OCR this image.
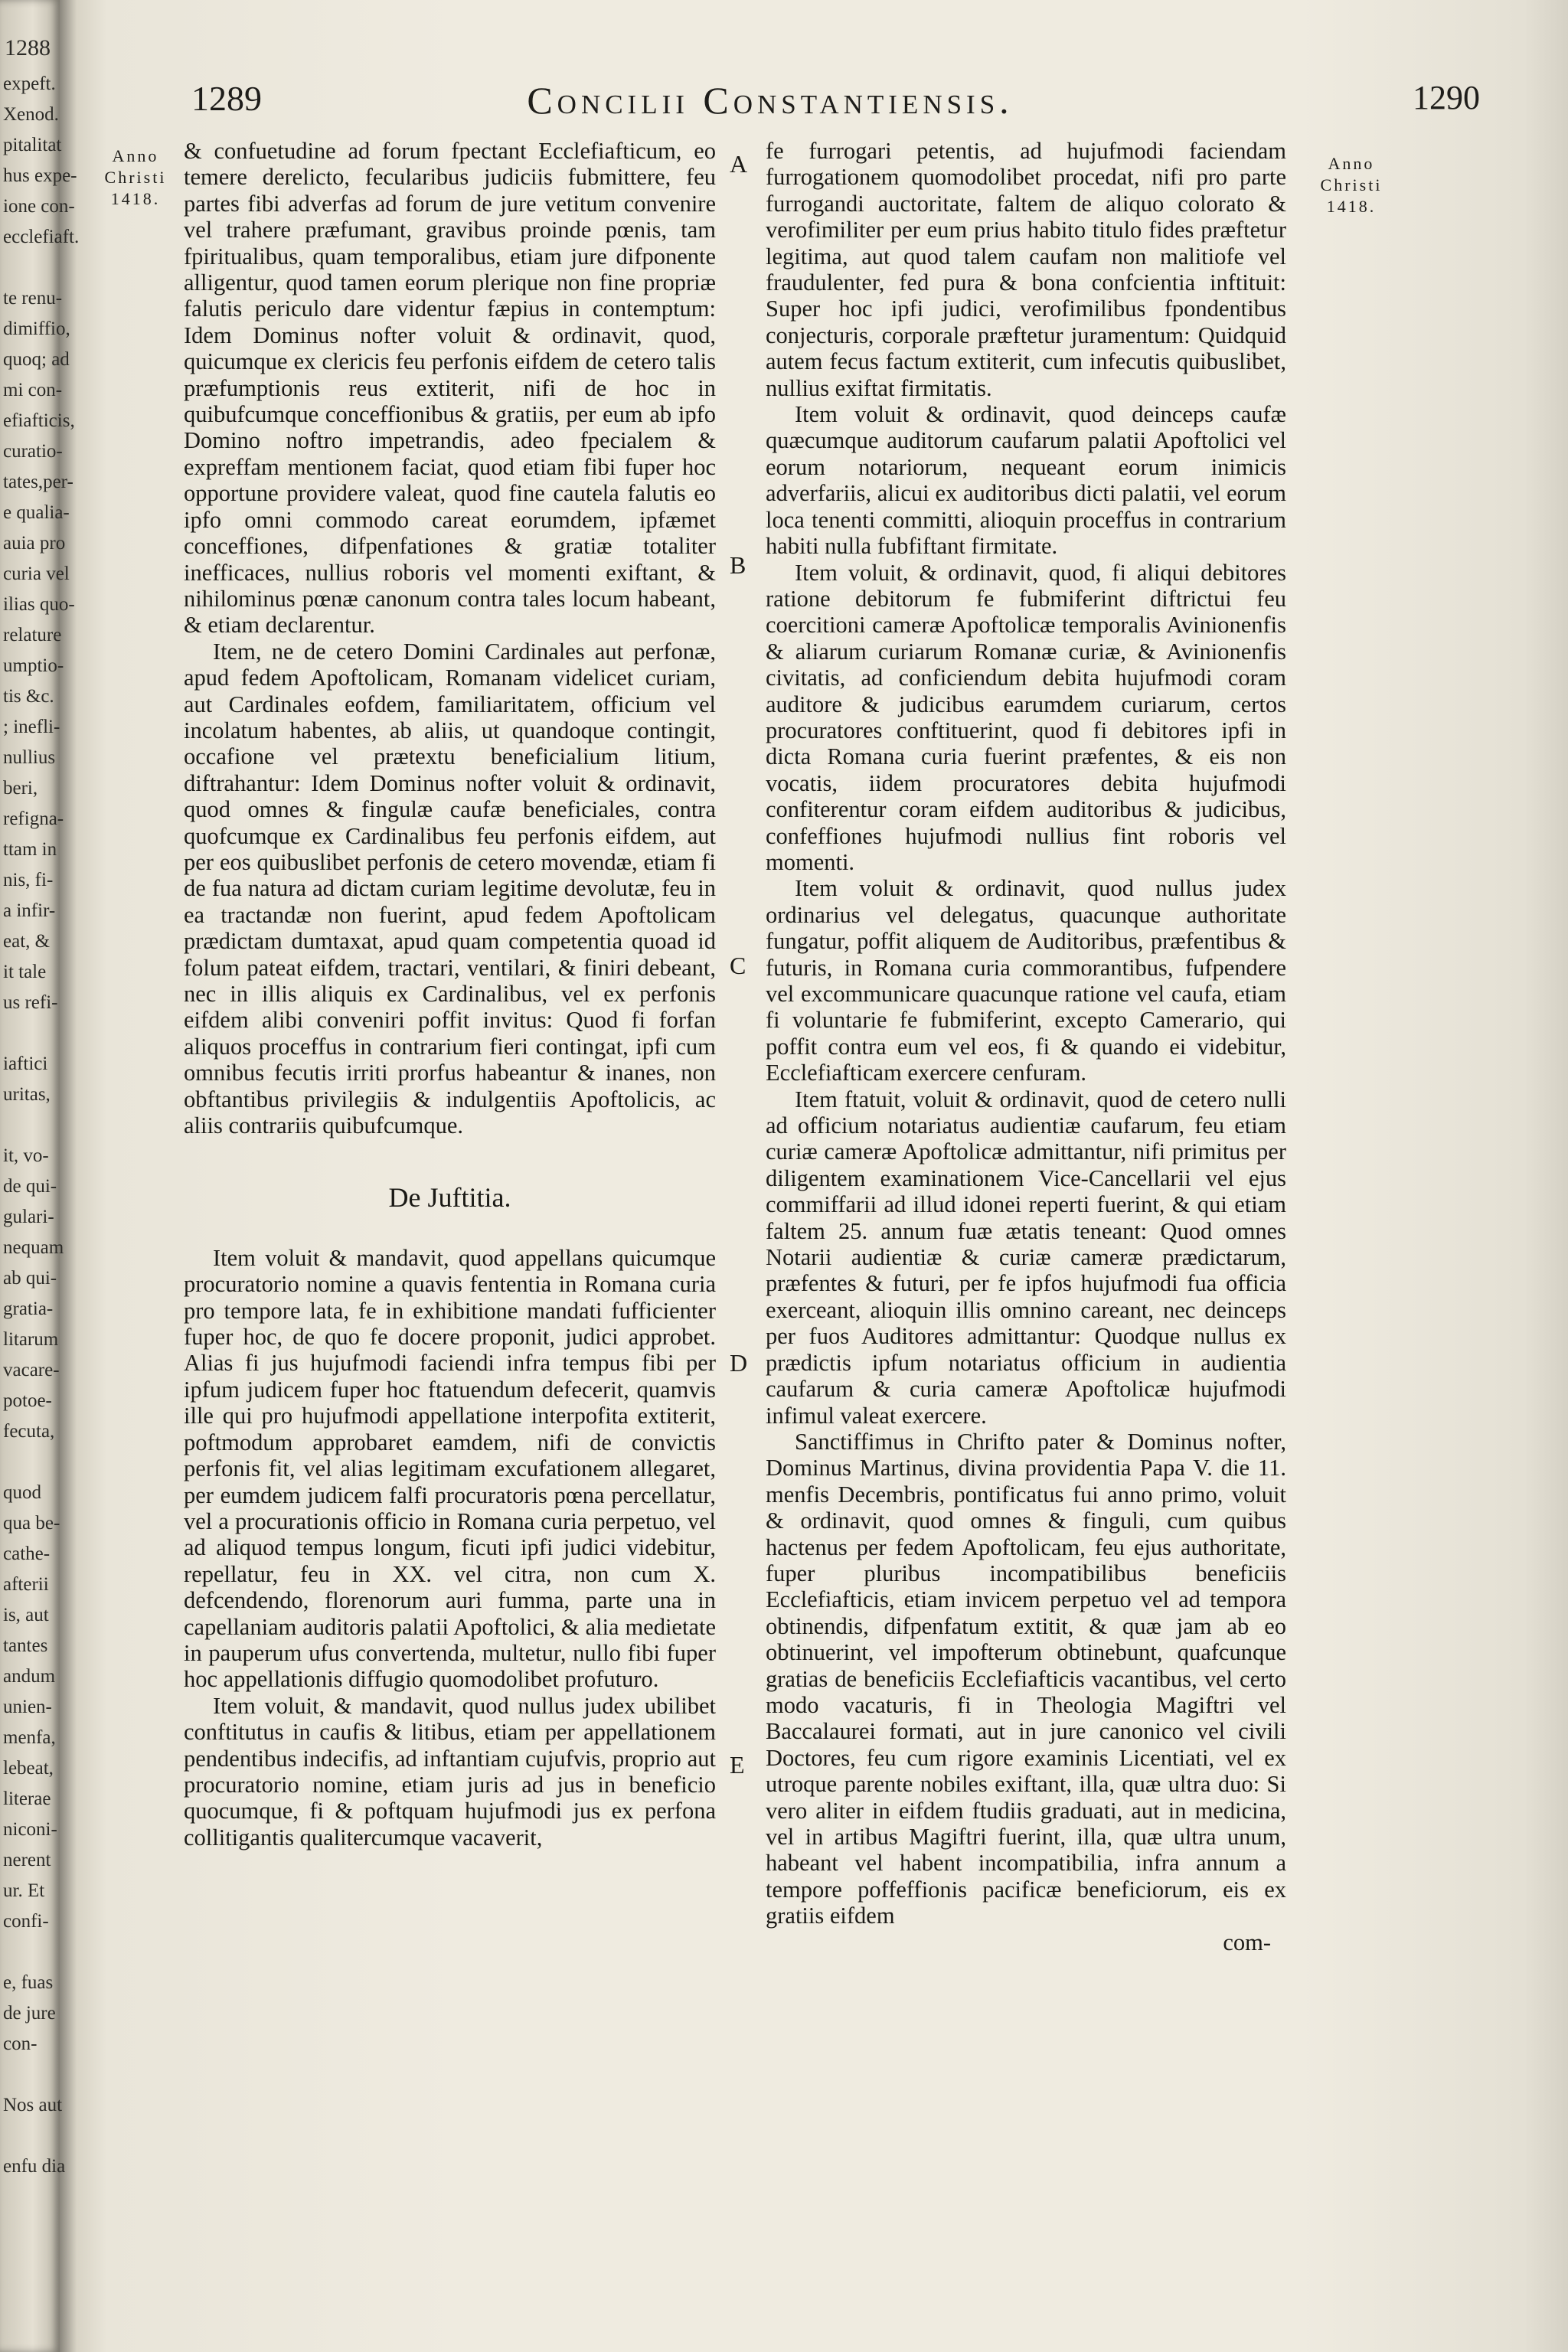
1288
expeft.
Xenod.
pitalitat
hus expe-
ione con-
ecclefiaft.

te renu-
dimiffio,
quoq; ad
mi con-
efiafticis,
curatio-
tates,per-
e qualia-
auia pro
curia vel
ilias quo-
relature
umptio-
tis &c.
; inefli-
nullius
beri,
refigna-
ttam in
nis, fi-
a infir-
eat, &
it tale
us refi-

iaftici
uritas,

it, vo-
de qui-
gulari-
nequam
ab qui-
gratia-
litarum
vacare-
potoe-
fecuta,

quod
qua be-
cathe-
afterii
is, aut
tantes
andum
unien-
menfa,
lebeat,
literae
niconi-
nerent
ur. Et
confi-

e, fuas
de jure
con-

Nos aut

enfu dia
1289	Concilii Constantiensis.	1290
Anno
Christi
1418.
Anno
Christi
1418.
A
B
C
D
E

& confuetudine ad forum fpectant Ecclefiafticum, eo temere derelicto, fecularibus judiciis fubmittere, feu partes fibi adverfas ad forum de jure vetitum convenire vel trahere præfumant, gravibus proinde pœnis, tam fpiritualibus, quam temporalibus, etiam jure difponente alligentur, quod tamen eorum plerique non fine propriæ falutis periculo dare videntur fæpius in contemptum: Idem Dominus nofter voluit & ordinavit, quod, quicumque ex clericis feu perfonis eifdem de cetero talis præfumptionis reus extiterit, nifi de hoc in quibufcumque conceffionibus & gratiis, per eum ab ipfo Domino noftro impetrandis, adeo fpecialem & expreffam mentionem faciat, quod etiam fibi fuper hoc opportune providere valeat, quod fine cautela falutis eo ipfo omni commodo careat eorumdem, ipfæmet conceffiones, difpenfationes & gratiæ totaliter inefficaces, nullius roboris vel momenti exiftant, & nihilominus pœnæ canonum contra tales locum habeant, & etiam declarentur.

Item, ne de cetero Domini Cardinales aut perfonæ, apud fedem Apoftolicam, Romanam videlicet curiam, aut Cardinales eofdem, familiaritatem, officium vel incolatum habentes, ab aliis, ut quandoque contingit, occafione vel prætextu beneficialium litium, diftrahantur: Idem Dominus nofter voluit & ordinavit, quod omnes & fingulæ caufæ beneficiales, contra quofcumque ex Cardinalibus feu perfonis eifdem, aut per eos quibuslibet perfonis de cetero movendæ, etiam fi de fua natura ad dictam curiam legitime devolutæ, feu in ea tractandæ non fuerint, apud fedem Apoftolicam prædictam dumtaxat, apud quam competentia quoad id folum pateat eifdem, tractari, ventilari, & finiri debeant, nec in illis aliquis ex Cardinalibus, vel ex perfonis eifdem alibi conveniri poffit invitus: Quod fi forfan aliquos proceffus in contrarium fieri contingat, ipfi cum omnibus fecutis irriti prorfus habeantur & inanes, non obftantibus privilegiis & indulgentiis Apoftolicis, ac aliis contrariis quibufcumque.

De Juftitia.

Item voluit & mandavit, quod appellans quicumque procuratorio nomine a quavis fententia in Romana curia pro tempore lata, fe in exhibitione mandati fufficienter fuper hoc, de quo fe docere proponit, judici approbet. Alias fi jus hujufmodi faciendi infra tempus fibi per ipfum judicem fuper hoc ftatuendum defecerit, quamvis ille qui pro hujufmodi appellatione interpofita extiterit, poftmodum approbaret eamdem, nifi de convictis perfonis fit, vel alias legitimam excufationem allegaret, per eumdem judicem falfi procuratoris pœna percellatur, vel a procurationis officio in Romana curia perpetuo, vel ad aliquod tempus longum, ficuti ipfi judici videbitur, repellatur, feu in XX. vel citra, non cum X. defcendendo, florenorum auri fumma, parte una in capellaniam auditoris palatii Apoftolici, & alia medietate in pauperum ufus convertenda, multetur, nullo fibi fuper hoc appellationis diffugio quomodolibet profuturo.

Item voluit, & mandavit, quod nullus judex ubilibet conftitutus in caufis & litibus, etiam per appellationem pendentibus indecifis, ad inftantiam cujufvis, proprio aut procuratorio nomine, etiam juris ad jus in beneficio quocumque, fi & poftquam hujufmodi jus ex perfona collitigantis qualitercumque vacaverit,

fe furrogari petentis, ad hujufmodi faciendam furrogationem quomodolibet procedat, nifi pro parte furrogandi auctoritate, faltem de aliquo colorato & verofimiliter per eum prius habito titulo fides præftetur legitima, aut quod talem caufam non malitiofe vel fraudulenter, fed pura & bona confcientia inftituit: Super hoc ipfi judici, verofimilibus fpondentibus conjecturis, corporale præftetur juramentum: Quidquid autem fecus factum extiterit, cum infecutis quibuslibet, nullius exiftat firmitatis.

Item voluit & ordinavit, quod deinceps caufæ quæcumque auditorum caufarum palatii Apoftolici vel eorum notariorum, nequeant eorum inimicis adverfariis, alicui ex auditoribus dicti palatii, vel eorum loca tenenti committi, alioquin proceffus in contrarium habiti nulla fubfiftant firmitate.

Item voluit, & ordinavit, quod, fi aliqui debitores ratione debitorum fe fubmiferint diftrictui feu coercitioni cameræ Apoftolicæ temporalis Avinionenfis & aliarum curiarum Romanæ curiæ, & Avinionenfis civitatis, ad conficiendum debita hujufmodi coram auditore & judicibus earumdem curiarum, certos procuratores conftituerint, quod fi debitores ipfi in dicta Romana curia fuerint præfentes, & eis non vocatis, iidem procuratores debita hujufmodi confiterentur coram eifdem auditoribus & judicibus, confeffiones hujufmodi nullius fint roboris vel momenti.

Item voluit & ordinavit, quod nullus judex ordinarius vel delegatus, quacunque authoritate fungatur, poffit aliquem de Auditoribus, præfentibus & futuris, in Romana curia commorantibus, fufpendere vel excommunicare quacunque ratione vel caufa, etiam fi voluntarie fe fubmiferint, excepto Camerario, qui poffit contra eum vel eos, fi & quando ei videbitur, Ecclefiafticam exercere cenfuram.

Item ftatuit, voluit & ordinavit, quod de cetero nulli ad officium notariatus audientiæ caufarum, feu etiam curiæ cameræ Apoftolicæ admittantur, nifi primitus per diligentem examinationem Vice-Cancellarii vel ejus commiffarii ad illud idonei reperti fuerint, & qui etiam faltem 25. annum fuæ ætatis teneant: Quod omnes Notarii audientiæ & curiæ cameræ prædictarum, præfentes & futuri, per fe ipfos hujufmodi fua officia exerceant, alioquin illis omnino careant, nec deinceps per fuos Auditores admittantur: Quodque nullus ex prædictis ipfum notariatus officium in audientia caufarum & curia cameræ Apoftolicæ hujufmodi infimul valeat exercere.

Sanctiffimus in Chrifto pater & Dominus nofter, Dominus Martinus, divina providentia Papa V. die 11. menfis Decembris, pontificatus fui anno primo, voluit & ordinavit, quod omnes & finguli, cum quibus hactenus per fedem Apoftolicam, feu ejus authoritate, fuper pluribus incompatibilibus beneficiis Ecclefiafticis, etiam invicem perpetuo vel ad tempora obtinendis, difpenfatum extitit, & quæ jam ab eo obtinuerint, vel impofterum obtinebunt, quafcunque gratias de beneficiis Ecclefiafticis vacantibus, vel certo modo vacaturis, fi in Theologia Magiftri vel Baccalaurei formati, aut in jure canonico vel civili Doctores, feu cum rigore examinis Licentiati, vel ex utroque parente nobiles exiftant, illa, quæ ultra duo: Si vero aliter in eifdem ftudiis graduati, aut in medicina, vel in artibus Magiftri fuerint, illa, quæ ultra unum, habeant vel habent incompatibilia, infra annum a tempore poffeffionis pacificæ beneficiorum, eis ex gratiis eifdem

com-
